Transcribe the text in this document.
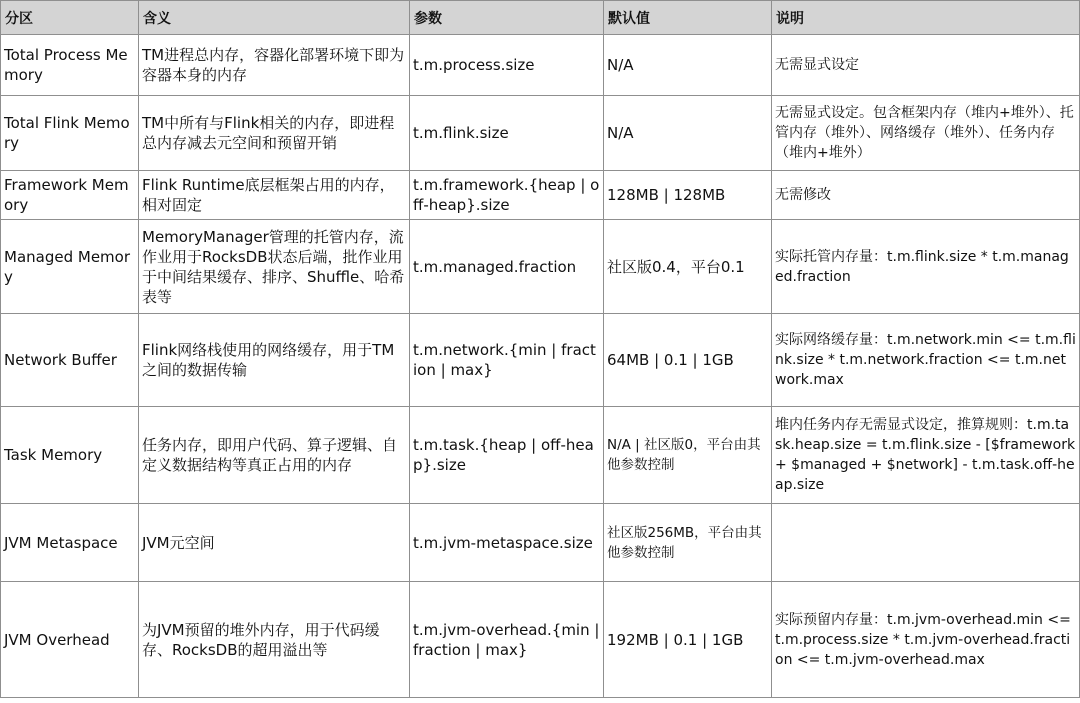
分区	含义	参数	默认值	说明
Total Process Memory	TM进程总内存，容器化部署环境下即为容器本身的内存	t.m.process.size	N/A	无需显式设定
Total Flink Memory	TM中所有与Flink相关的内存，即进程总内存减去元空间和预留开销	t.m.flink.size	N/A	无需显式设定。包含框架内存（堆内+堆外）、托管内存（堆外）、网络缓存（堆外）、任务内存（堆内+堆外）
Framework Memory	Flink Runtime底层框架占用的内存，相对固定	t.m.framework.{heap | off-heap}.size	128MB | 128MB	无需修改
Managed Memory	MemoryManager管理的托管内存，流作业用于RocksDB状态后端，批作业用于中间结果缓存、排序、Shuffle、哈希表等	t.m.managed.fraction	社区版0.4，平台0.1	实际托管内存量：t.m.flink.size * t.m.managed.fraction
Network Buffer	Flink网络栈使用的网络缓存，用于TM之间的数据传输	t.m.network.{min | fraction | max}	64MB | 0.1 | 1GB	实际网络缓存量：t.m.network.min <= t.m.flink.size * t.m.network.fraction <= t.m.network.max
Task Memory	任务内存，即用户代码、算子逻辑、自定义数据结构等真正占用的内存	t.m.task.{heap | off-heap}.size	N/A | 社区版0，平台由其他参数控制	堆内任务内存无需显式设定，推算规则：t.m.task.heap.size = t.m.flink.size - [$framework + $managed + $network] - t.m.task.off-heap.size
JVM Metaspace	JVM元空间	t.m.jvm-metaspace.size	社区版256MB，平台由其他参数控制	
JVM Overhead	为JVM预留的堆外内存，用于代码缓存、RocksDB的超用溢出等	t.m.jvm-overhead.{min | fraction | max}	192MB | 0.1 | 1GB	实际预留内存量：t.m.jvm-overhead.min <= t.m.process.size * t.m.jvm-overhead.fraction <= t.m.jvm-overhead.max
